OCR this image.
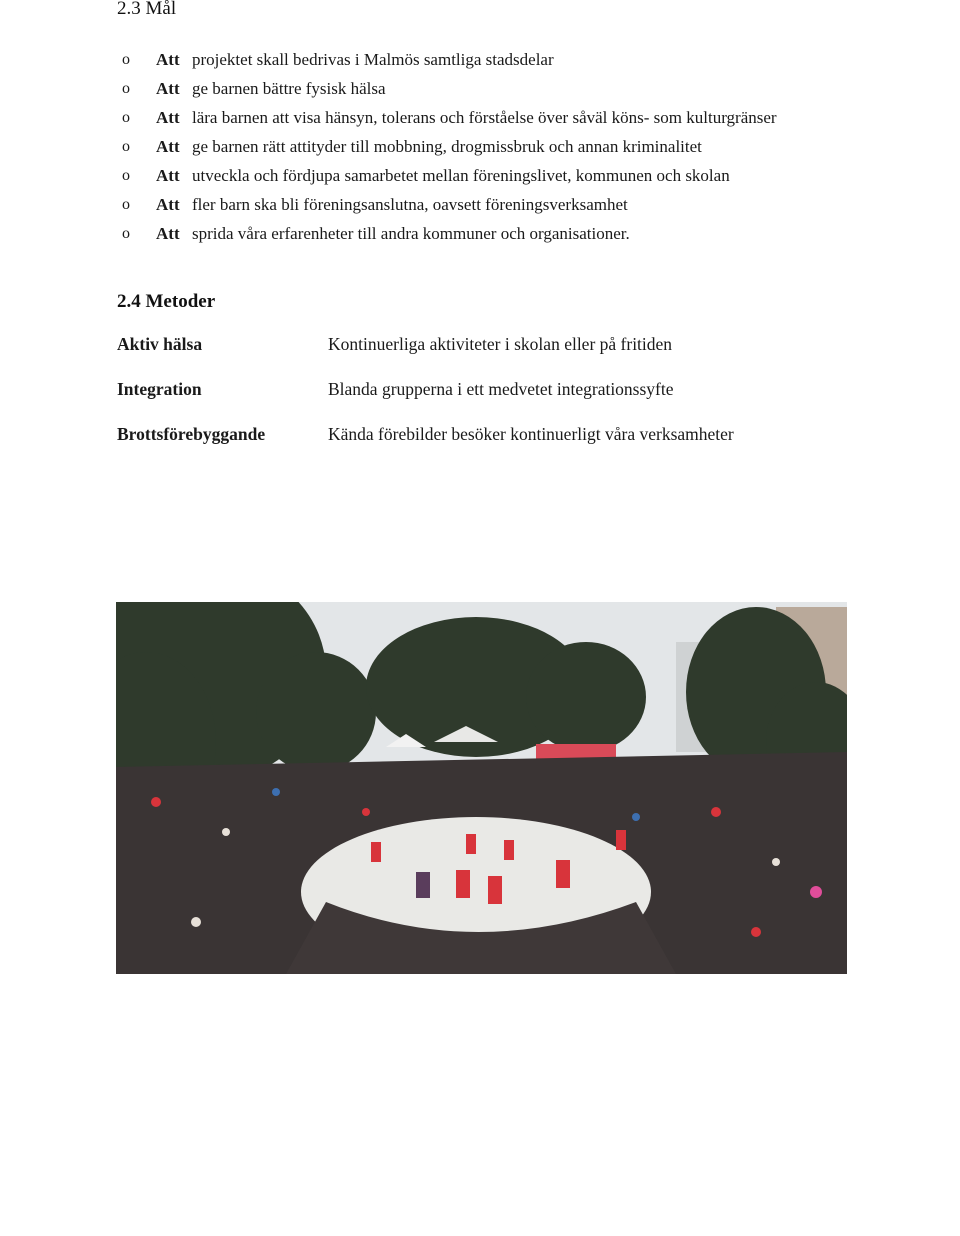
2.3 Mål
o Att projektet skall bedrivas i Malmös samtliga stadsdelar
o Att ge barnen bättre fysisk hälsa
o Att lära barnen att visa hänsyn, tolerans och förståelse över såväl köns- som kulturgränser
o Att ge barnen rätt attityder till mobbning, drogmissbruk och annan kriminalitet
o Att utveckla och fördjupa samarbetet mellan föreningslivet, kommunen och skolan
o Att fler barn ska bli föreningsanslutna, oavsett föreningsverksamhet
o Att sprida våra erfarenheter till andra kommuner och organisationer.
2.4 Metoder
Aktiv hälsa	Kontinuerliga aktiviteter i skolan eller på fritiden
Integration	Blanda grupperna i ett medvetet integrationssyfte
Brottsförebyggande	Kända förebilder besöker kontinuerligt våra verksamheter
